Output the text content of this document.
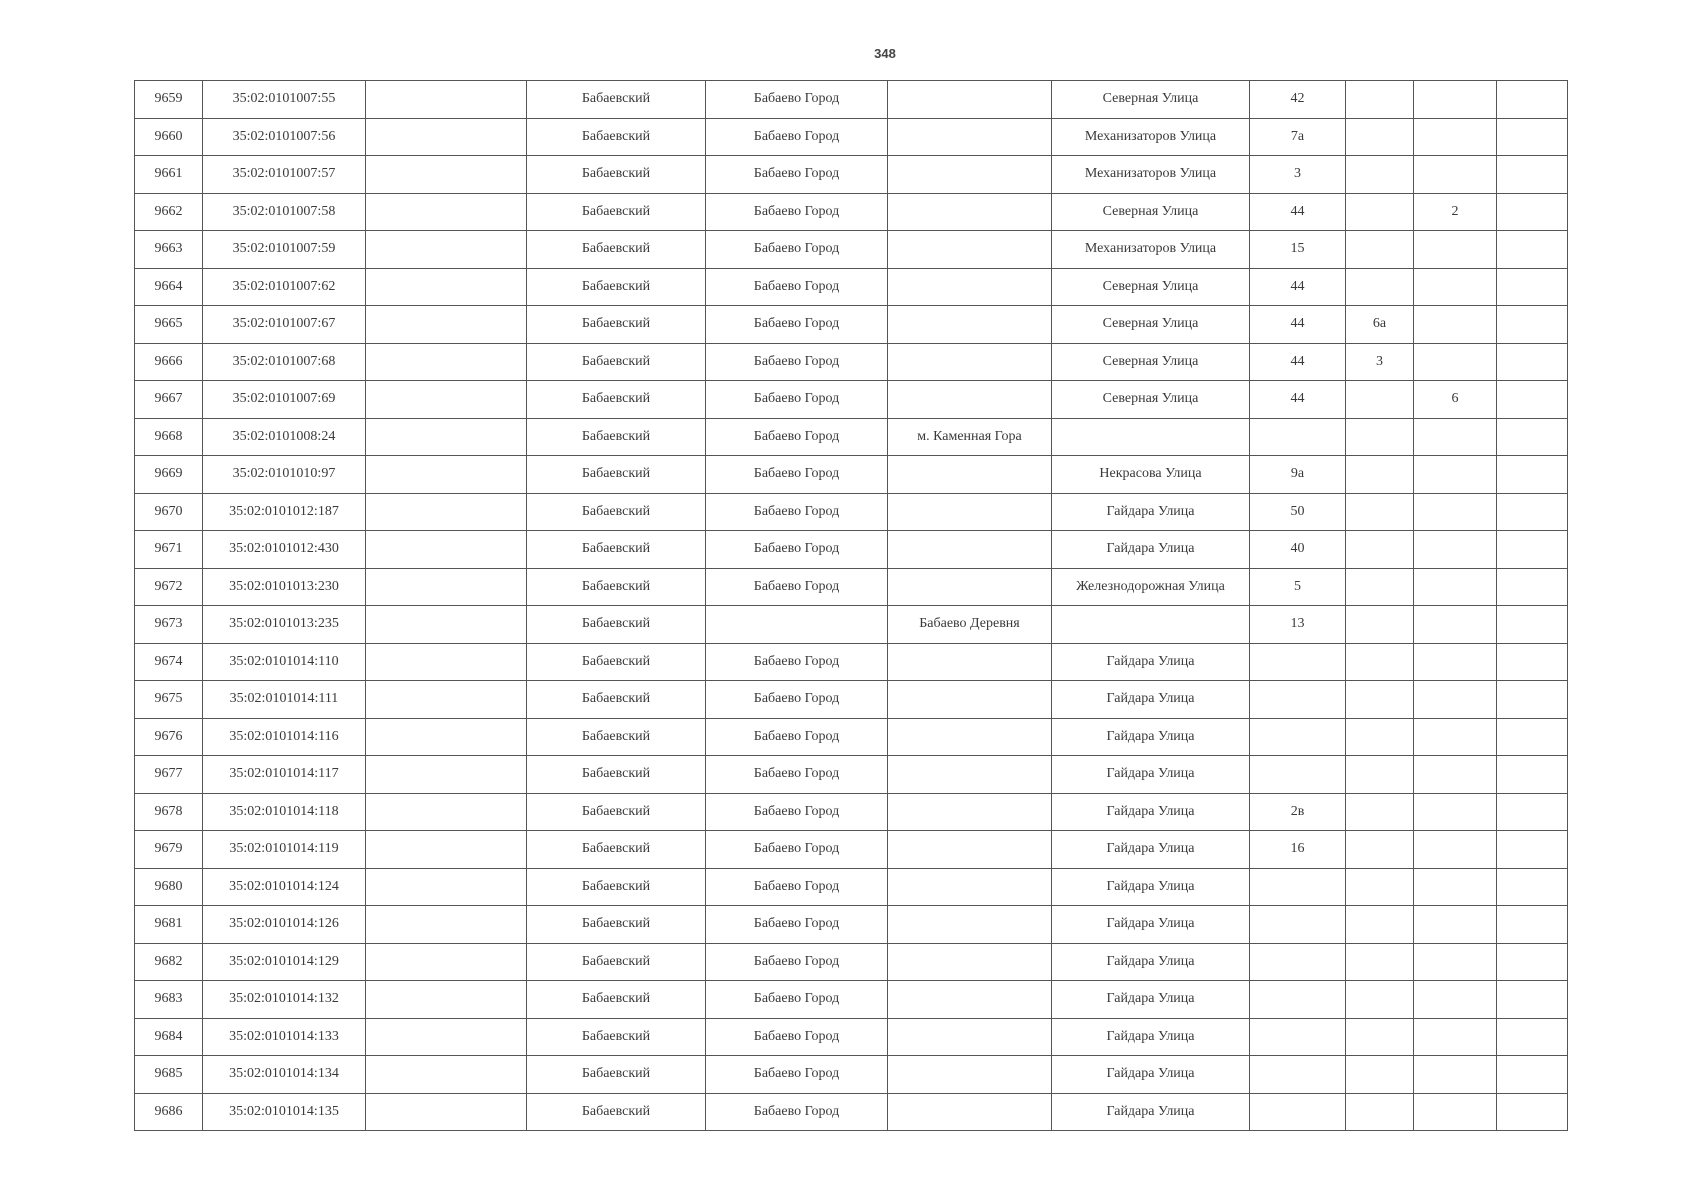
348
9659	35:02:0101007:55		Бабаевский	Бабаево Город		Северная Улица	42			
9660	35:02:0101007:56		Бабаевский	Бабаево Город		Механизаторов Улица	7а			
9661	35:02:0101007:57		Бабаевский	Бабаево Город		Механизаторов Улица	3			
9662	35:02:0101007:58		Бабаевский	Бабаево Город		Северная Улица	44		2	
9663	35:02:0101007:59		Бабаевский	Бабаево Город		Механизаторов Улица	15			
9664	35:02:0101007:62		Бабаевский	Бабаево Город		Северная Улица	44			
9665	35:02:0101007:67		Бабаевский	Бабаево Город		Северная Улица	44	6а		
9666	35:02:0101007:68		Бабаевский	Бабаево Город		Северная Улица	44	3		
9667	35:02:0101007:69		Бабаевский	Бабаево Город		Северная Улица	44		6	
9668	35:02:0101008:24		Бабаевский	Бабаево Город	м. Каменная Гора					
9669	35:02:0101010:97		Бабаевский	Бабаево Город		Некрасова Улица	9а			
9670	35:02:0101012:187		Бабаевский	Бабаево Город		Гайдара Улица	50			
9671	35:02:0101012:430		Бабаевский	Бабаево Город		Гайдара Улица	40			
9672	35:02:0101013:230		Бабаевский	Бабаево Город		Железнодорожная Улица	5			
9673	35:02:0101013:235		Бабаевский		Бабаево Деревня		13			
9674	35:02:0101014:110		Бабаевский	Бабаево Город		Гайдара Улица				
9675	35:02:0101014:111		Бабаевский	Бабаево Город		Гайдара Улица				
9676	35:02:0101014:116		Бабаевский	Бабаево Город		Гайдара Улица				
9677	35:02:0101014:117		Бабаевский	Бабаево Город		Гайдара Улица				
9678	35:02:0101014:118		Бабаевский	Бабаево Город		Гайдара Улица	2в			
9679	35:02:0101014:119		Бабаевский	Бабаево Город		Гайдара Улица	16			
9680	35:02:0101014:124		Бабаевский	Бабаево Город		Гайдара Улица				
9681	35:02:0101014:126		Бабаевский	Бабаево Город		Гайдара Улица				
9682	35:02:0101014:129		Бабаевский	Бабаево Город		Гайдара Улица				
9683	35:02:0101014:132		Бабаевский	Бабаево Город		Гайдара Улица				
9684	35:02:0101014:133		Бабаевский	Бабаево Город		Гайдара Улица				
9685	35:02:0101014:134		Бабаевский	Бабаево Город		Гайдара Улица				
9686	35:02:0101014:135		Бабаевский	Бабаево Город		Гайдара Улица				
